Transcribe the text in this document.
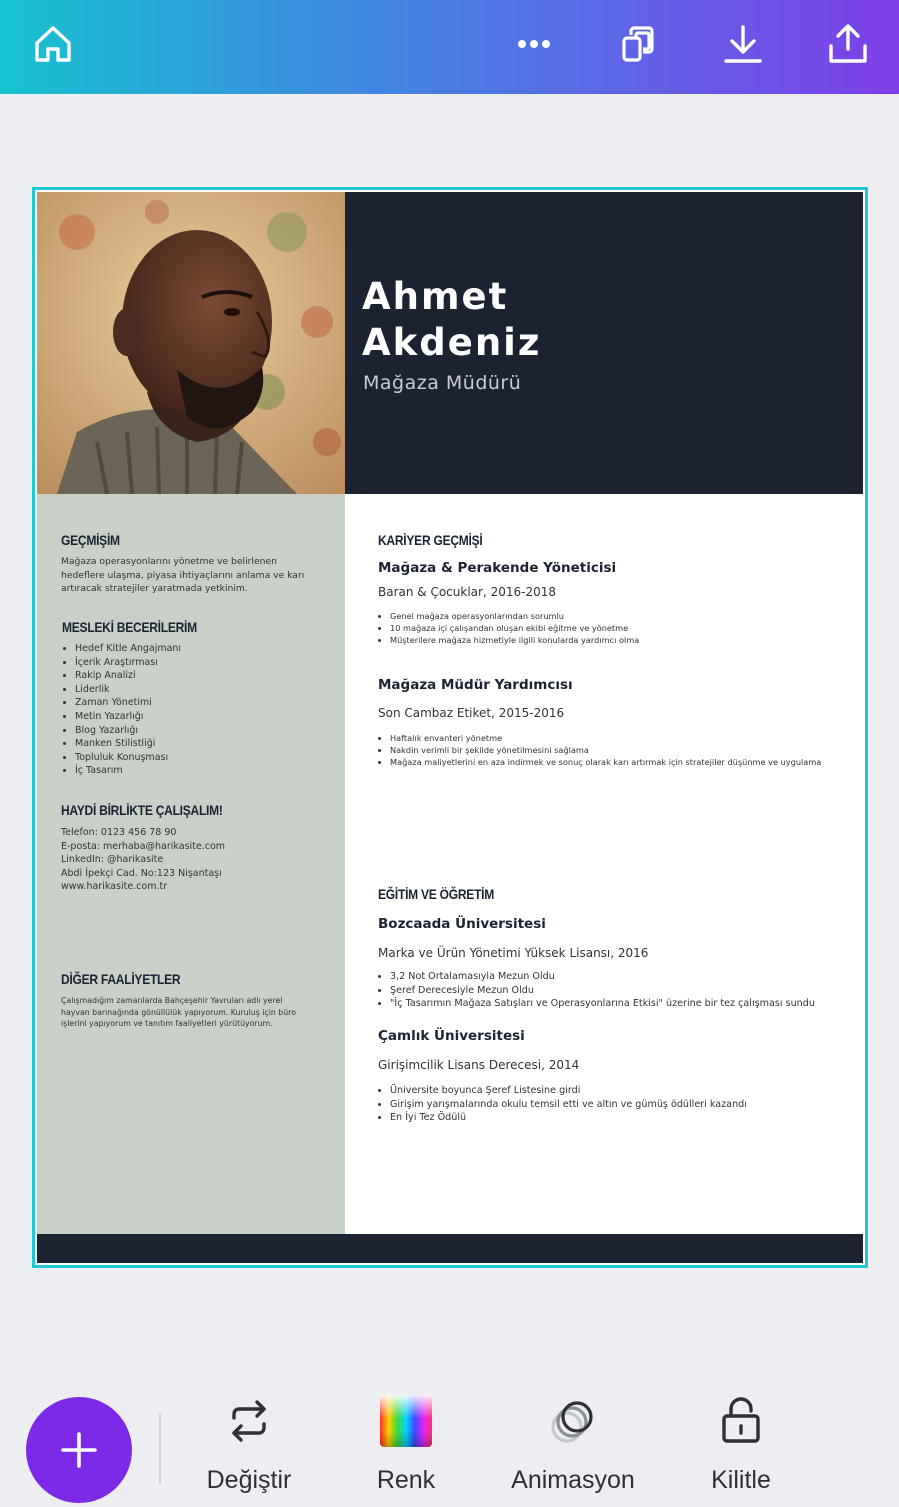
Ahmet
Akdeniz
Mağaza Müdürü
GEÇMİŞİM
Mağaza operasyonlarını yönetme ve belirlenen
hedeflere ulaşma, piyasa ihtiyaçlarını anlama ve karı
artıracak stratejiler yaratmada yetkinim.
MESLEKİ BECERİLERİM
• Hedef Kitle Angajmanı
• İçerik Araştırması
• Rakip Analizi
• Liderlik
• Zaman Yönetimi
• Metin Yazarlığı
• Blog Yazarlığı
• Manken Stilistliği
• Topluluk Konuşması
• İç Tasarım
HAYDİ BİRLİKTE ÇALIŞALIM!
Telefon: 0123 456 78 90
E-posta: merhaba@harikasite.com
LinkedIn: @harikasite
Abdi İpekçi Cad. No:123 Nişantaşı
www.harikasite.com.tr
DİĞER FAALİYETLER
Çalışmadığım zamanlarda Bahçeşehir Yavruları adlı yerel
hayvan barınağında gönüllülük yapıyorum. Kuruluş için büro
işlerini yapıyorum ve tanıtım faaliyetleri yürütüyorum.
KARİYER GEÇMİŞİ
Mağaza & Perakende Yöneticisi
Baran & Çocuklar, 2016-2018
• Genel mağaza operasyonlarından sorumlu
• 10 mağaza içi çalışandan oluşan ekibi eğitme ve yönetme
• Müşterilere mağaza hizmetiyle ilgili konularda yardımcı olma
Mağaza Müdür Yardımcısı
Son Cambaz Etiket, 2015-2016
• Haftalık envanteri yönetme
• Nakdin verimli bir şekilde yönetilmesini sağlama
• Mağaza maliyetlerini en aza indirmek ve sonuç olarak karı artırmak için stratejiler düşünme ve uygulama
EĞİTİM VE ÖĞRETİM
Bozcaada Üniversitesi
Marka ve Ürün Yönetimi Yüksek Lisansı, 2016
• 3,2 Not Ortalamasıyla Mezun Oldu
• Şeref Derecesiyle Mezun Oldu
• "İç Tasarımın Mağaza Satışları ve Operasyonlarına Etkisi" üzerine bir tez çalışması sundu
Çamlık Üniversitesi
Girişimcilik Lisans Derecesi, 2014
• Üniversite boyunca Şeref Listesine girdi
• Girişim yarışmalarında okulu temsil etti ve altın ve gümüş ödülleri kazandı
• En İyi Tez Ödülü
Değiştir	Renk	Animasyon	Kilitle
